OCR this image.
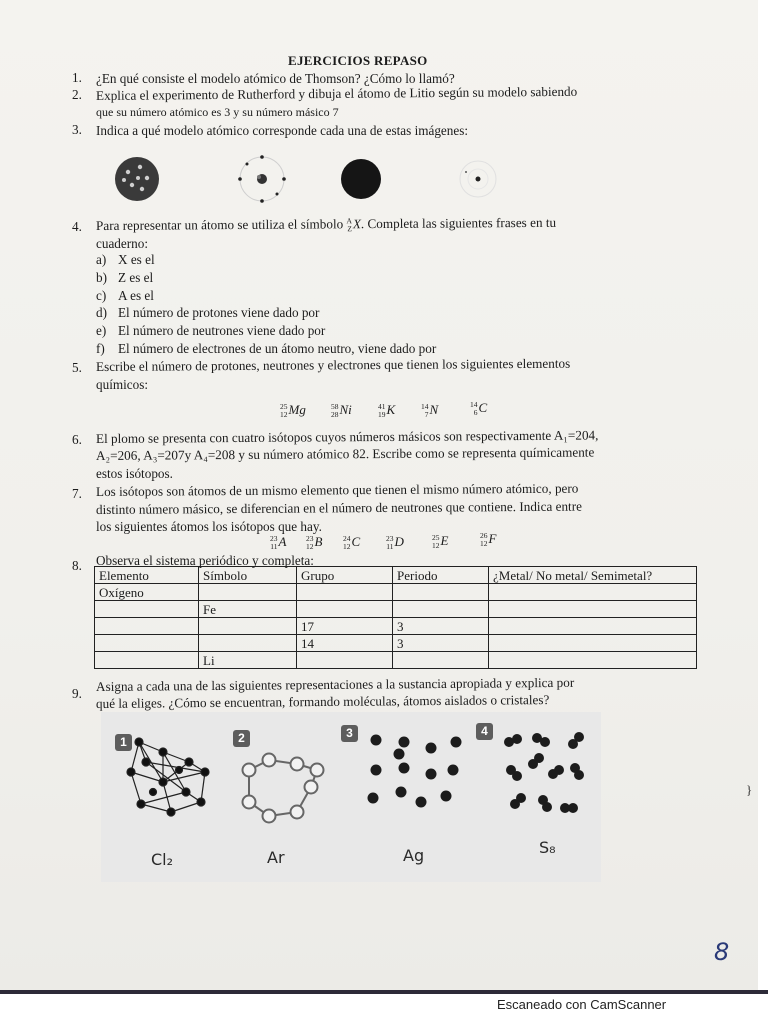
EJERCICIOS REPASO
1. ¿En qué consiste el modelo atómico de Thomson? ¿Cómo lo llamó?
2. Explica el experimento de Rutherford y dibuja el átomo de Litio según su modelo sabiendo
que su número atómico es 3 y su número másico 7
3. Indica a qué modelo atómico corresponde cada una de estas imágenes:
4. Para representar un átomo se utiliza el símbolo A
Z X. Completa las siguientes frases en tu
cuaderno:
a) X es el
b) Z es el
c) A es el
d) El número de protones viene dado por
e) El número de neutrones viene dado por
f) El número de electrones de un átomo neutro, viene dado por
5. Escribe el número de protones, neutrones y electrones que tienen los siguientes elementos
químicos:
25
12 Mg	58
28 Ni	41
19 K	14
7 N	14
6 C
6. El plomo se presenta con cuatro isótopos cuyos números másicos son respectivamente A₁=204,
A₂=206, A₃=207y A₄=208 y su número atómico 82. Escribe como se representa químicamente
estos isótopos.
7. Los isótopos son átomos de un mismo elemento que tienen el mismo número atómico, pero
distinto número másico, se diferencian en el número de neutrones que contiene. Indica entre
los siguientes átomos los isótopos que hay.
23
11 A	23
12 B	24
12 C	23
11 D	25
12 E	26
12 F
8. Observa el sistema periódico y completa:
Elemento	Símbolo	Grupo	Periodo	¿Metal/ No metal/ Semimetal?
Oxígeno				
	Fe			
		17	3	
		14	3	
	Li			
9. Asigna a cada una de las siguientes representaciones a la sustancia apropiada y explica por
qué la eliges. ¿Cómo se encuentran, formando moléculas, átomos aislados o cristales?
1	2	3	4
Cl₂	Ar	Ag	S₈
}
8
Escaneado con CamScanner
